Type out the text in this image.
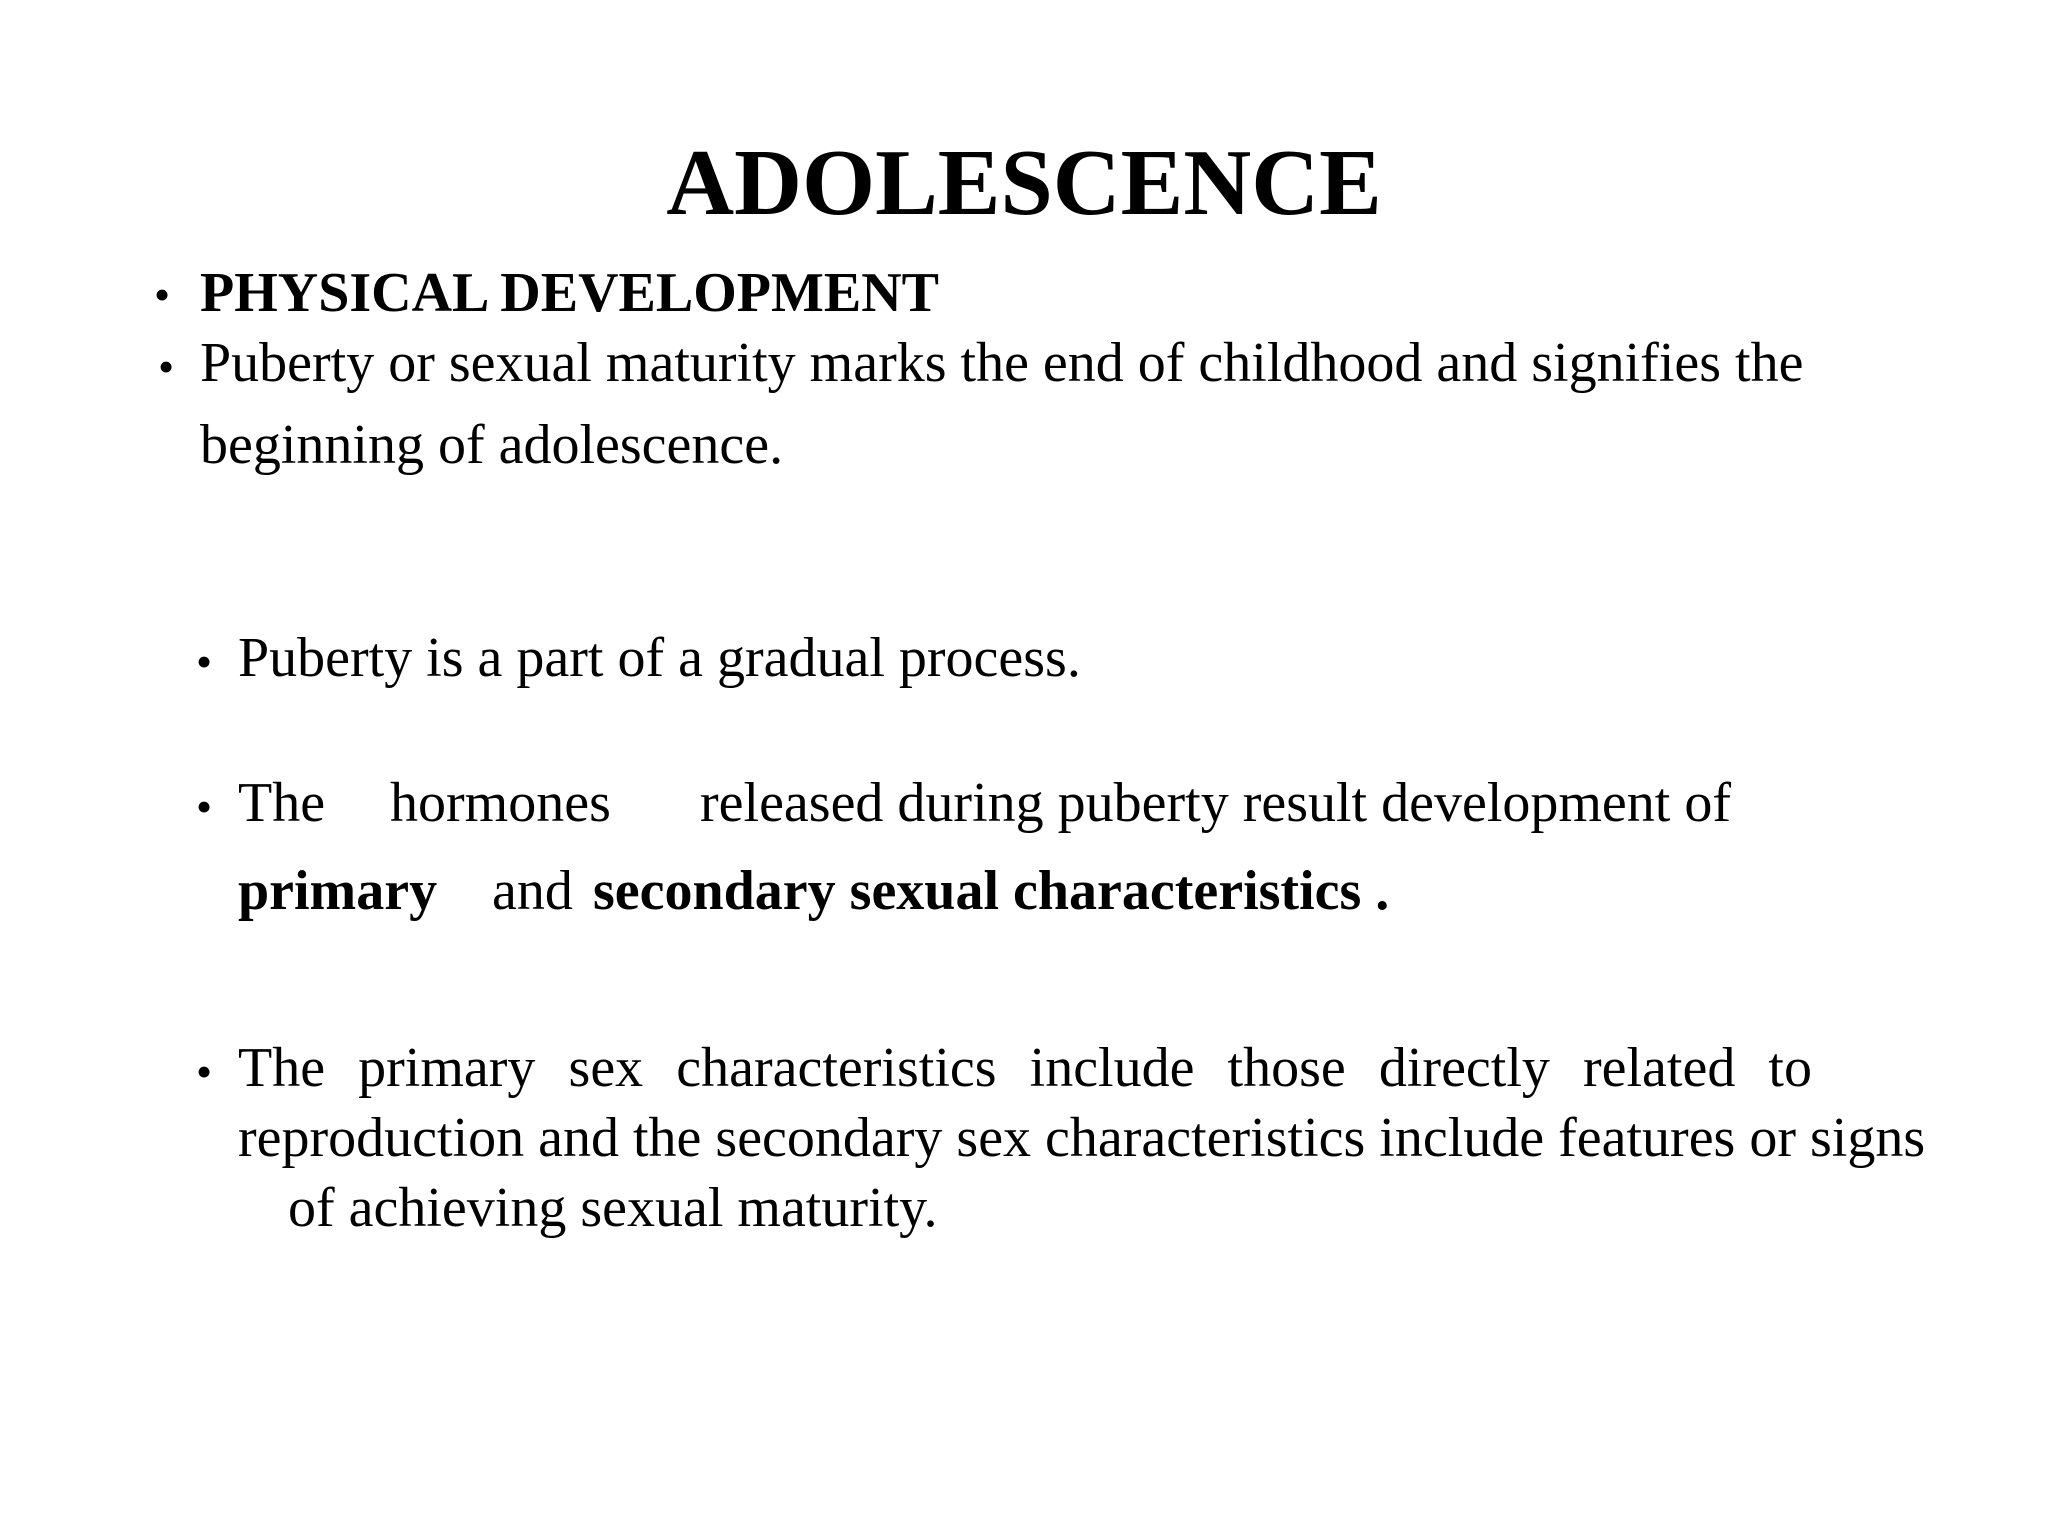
ADOLESCENCE
• PHYSICAL DEVELOPMENT
• Puberty or sexual maturity marks the end of childhood and signifies the
beginning of adolescence.
• Puberty is a part of a gradual process.
• The hormones released during puberty result development of
primary and secondary sexual characteristics .
• The primary sex characteristics include those directly related to
reproduction and the secondary sex characteristics include features or signs
of achieving sexual maturity.
